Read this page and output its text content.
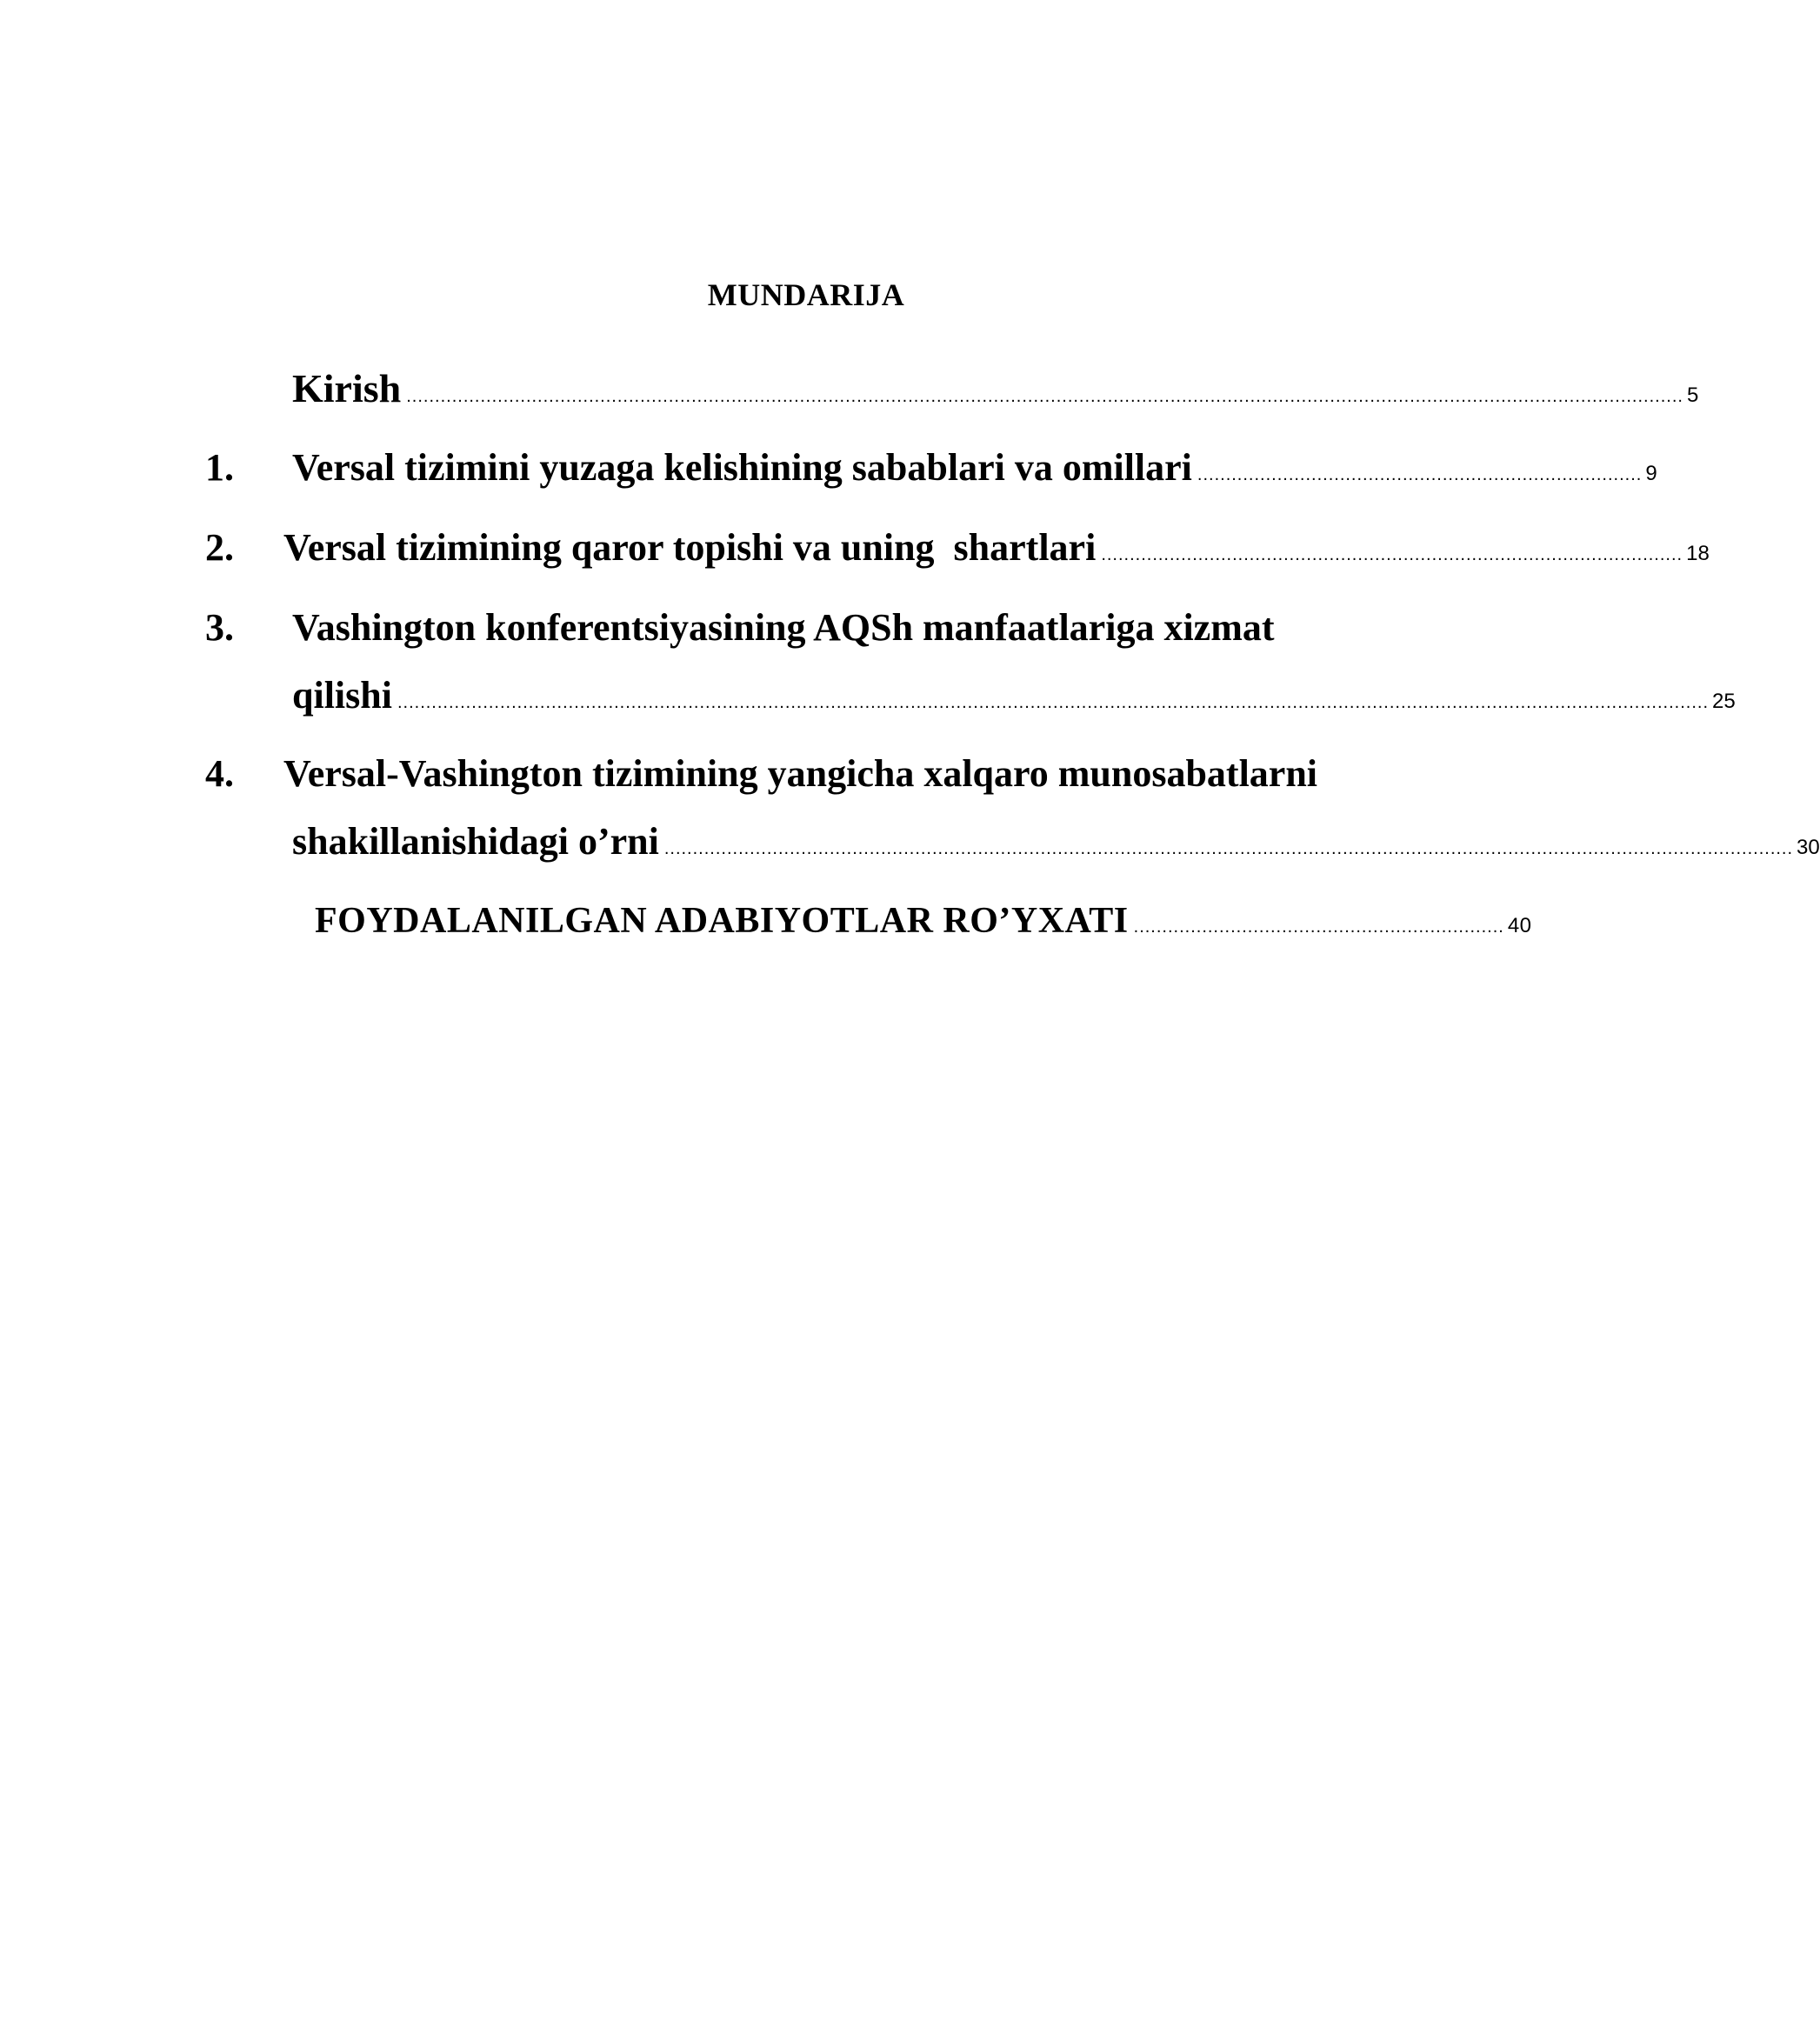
MUNDARIJA
Kirish ................................................................................................................................................................................................................................ 5
1. Versal tizimini yuzaga kelishining sabablari va omillari .............................................................................. 9
2. Versal tizimining qaror topishi va uning  shartlari ...................................................................................................... 18
3. Vashington konferentsiyasining AQSh manfaatlariga xizmat
qilishi ...................................................................................................................................................................................................................................... 25
4. Versal-Vashington tizimining yangicha xalqaro munosabatlarni
shakillanishidagi o’rni ...................................................................................................................................................................................................... 30
FOYDALANILGAN ADABIYOTLAR RO’YXATI ................................................................. 40
